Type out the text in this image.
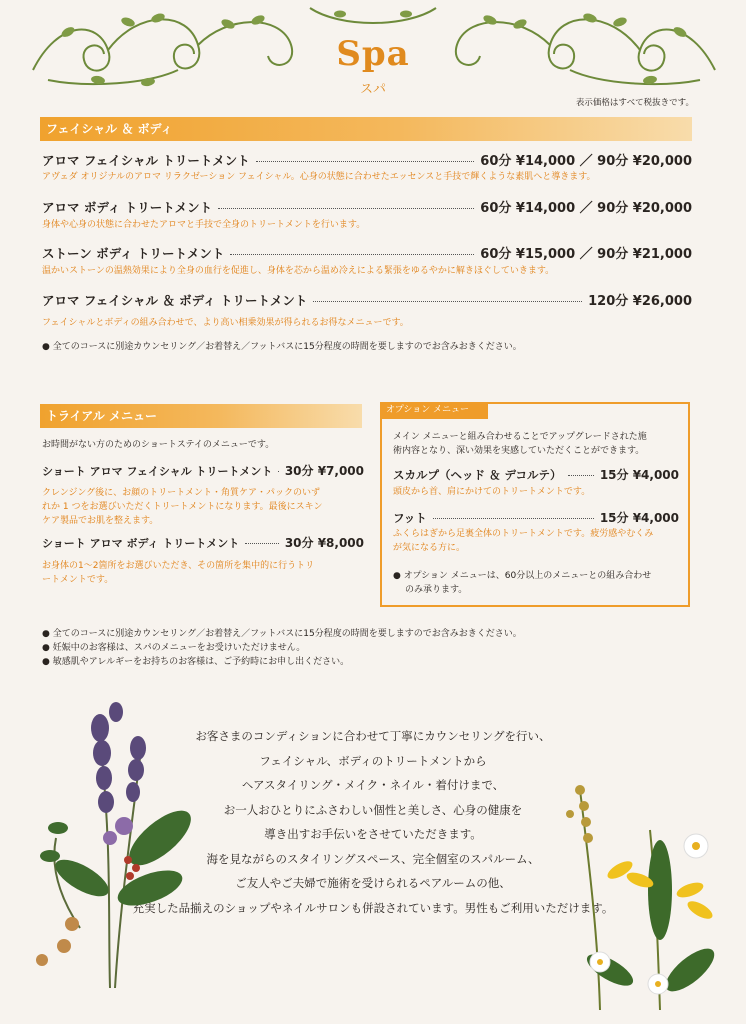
Spa
スパ
表示価格はすべて税抜きです。
フェイシャル ＆ ボディ
アロマ フェイシャル トリートメント	60分 ¥14,000 ／ 90分 ¥20,000
アヴェダ オリジナルのアロマ リラクゼーション フェイシャル。心身の状態に合わせたエッセンスと手技で輝くような素肌へと導きます。
アロマ ボディ トリートメント	60分 ¥14,000 ／ 90分 ¥20,000
身体や心身の状態に合わせたアロマと手技で全身のトリートメントを行います。
ストーン ボディ トリートメント	60分 ¥15,000 ／ 90分 ¥21,000
温かいストーンの温熱効果により全身の血行を促進し、身体を芯から温め冷えによる緊張をゆるやかに解きほぐしていきます。
アロマ フェイシャル ＆ ボディ トリートメント	120分 ¥26,000
フェイシャルとボディの組み合わせで、より高い相乗効果が得られるお得なメニューです。
● 全てのコースに別途カウンセリング／お着替え／フットバスに15分程度の時間を要しますのでお含みおきください。
トライアル メニュー
お時間がない方のためのショートステイのメニューです。
ショート アロマ フェイシャル トリートメント 30分 ¥7,000
クレンジング後に、お顔のトリートメント・角質ケア・パックのいず
れか 1 つをお選びいただくトリートメントになります。最後にスキン
ケア製品でお肌を整えます。
ショート アロマ ボディ トリートメント	30分 ¥8,000
お身体の1～2箇所をお選びいただき、その箇所を集中的に行うトリ
ートメントです。
オプション メニュー
メイン メニューと組み合わせることでアップグレードされた施
術内容となり、深い効果を実感していただくことができます。
スカルプ（ヘッド ＆ デコルテ）	15分 ¥4,000
頭皮から首、肩にかけてのトリートメントです。
フット	15分 ¥4,000
ふくらはぎから足裏全体のトリートメントです。疲労感やむくみ
が気になる方に。
● オプション メニューは、60分以上のメニューとの組み合わせ
のみ承ります。
● 全てのコースに別途カウンセリング／お着替え／フットバスに15分程度の時間を要しますのでお含みおきください。
● 妊娠中のお客様は、スパのメニューをお受けいただけません。
● 敏感肌やアレルギーをお持ちのお客様は、ご予約時にお申し出ください。
お客さまのコンディションに合わせて丁寧にカウンセリングを行い、
フェイシャル、ボディのトリートメントから
ヘアスタイリング・メイク・ネイル・着付けまで、
お一人おひとりにふさわしい個性と美しさ、心身の健康を
導き出すお手伝いをさせていただきます。
海を見ながらのスタイリングスペース、完全個室のスパルーム、
ご友人やご夫婦で施術を受けられるペアルームの他、
充実した品揃えのショップやネイルサロンも併設されています。男性もご利用いただけます。
